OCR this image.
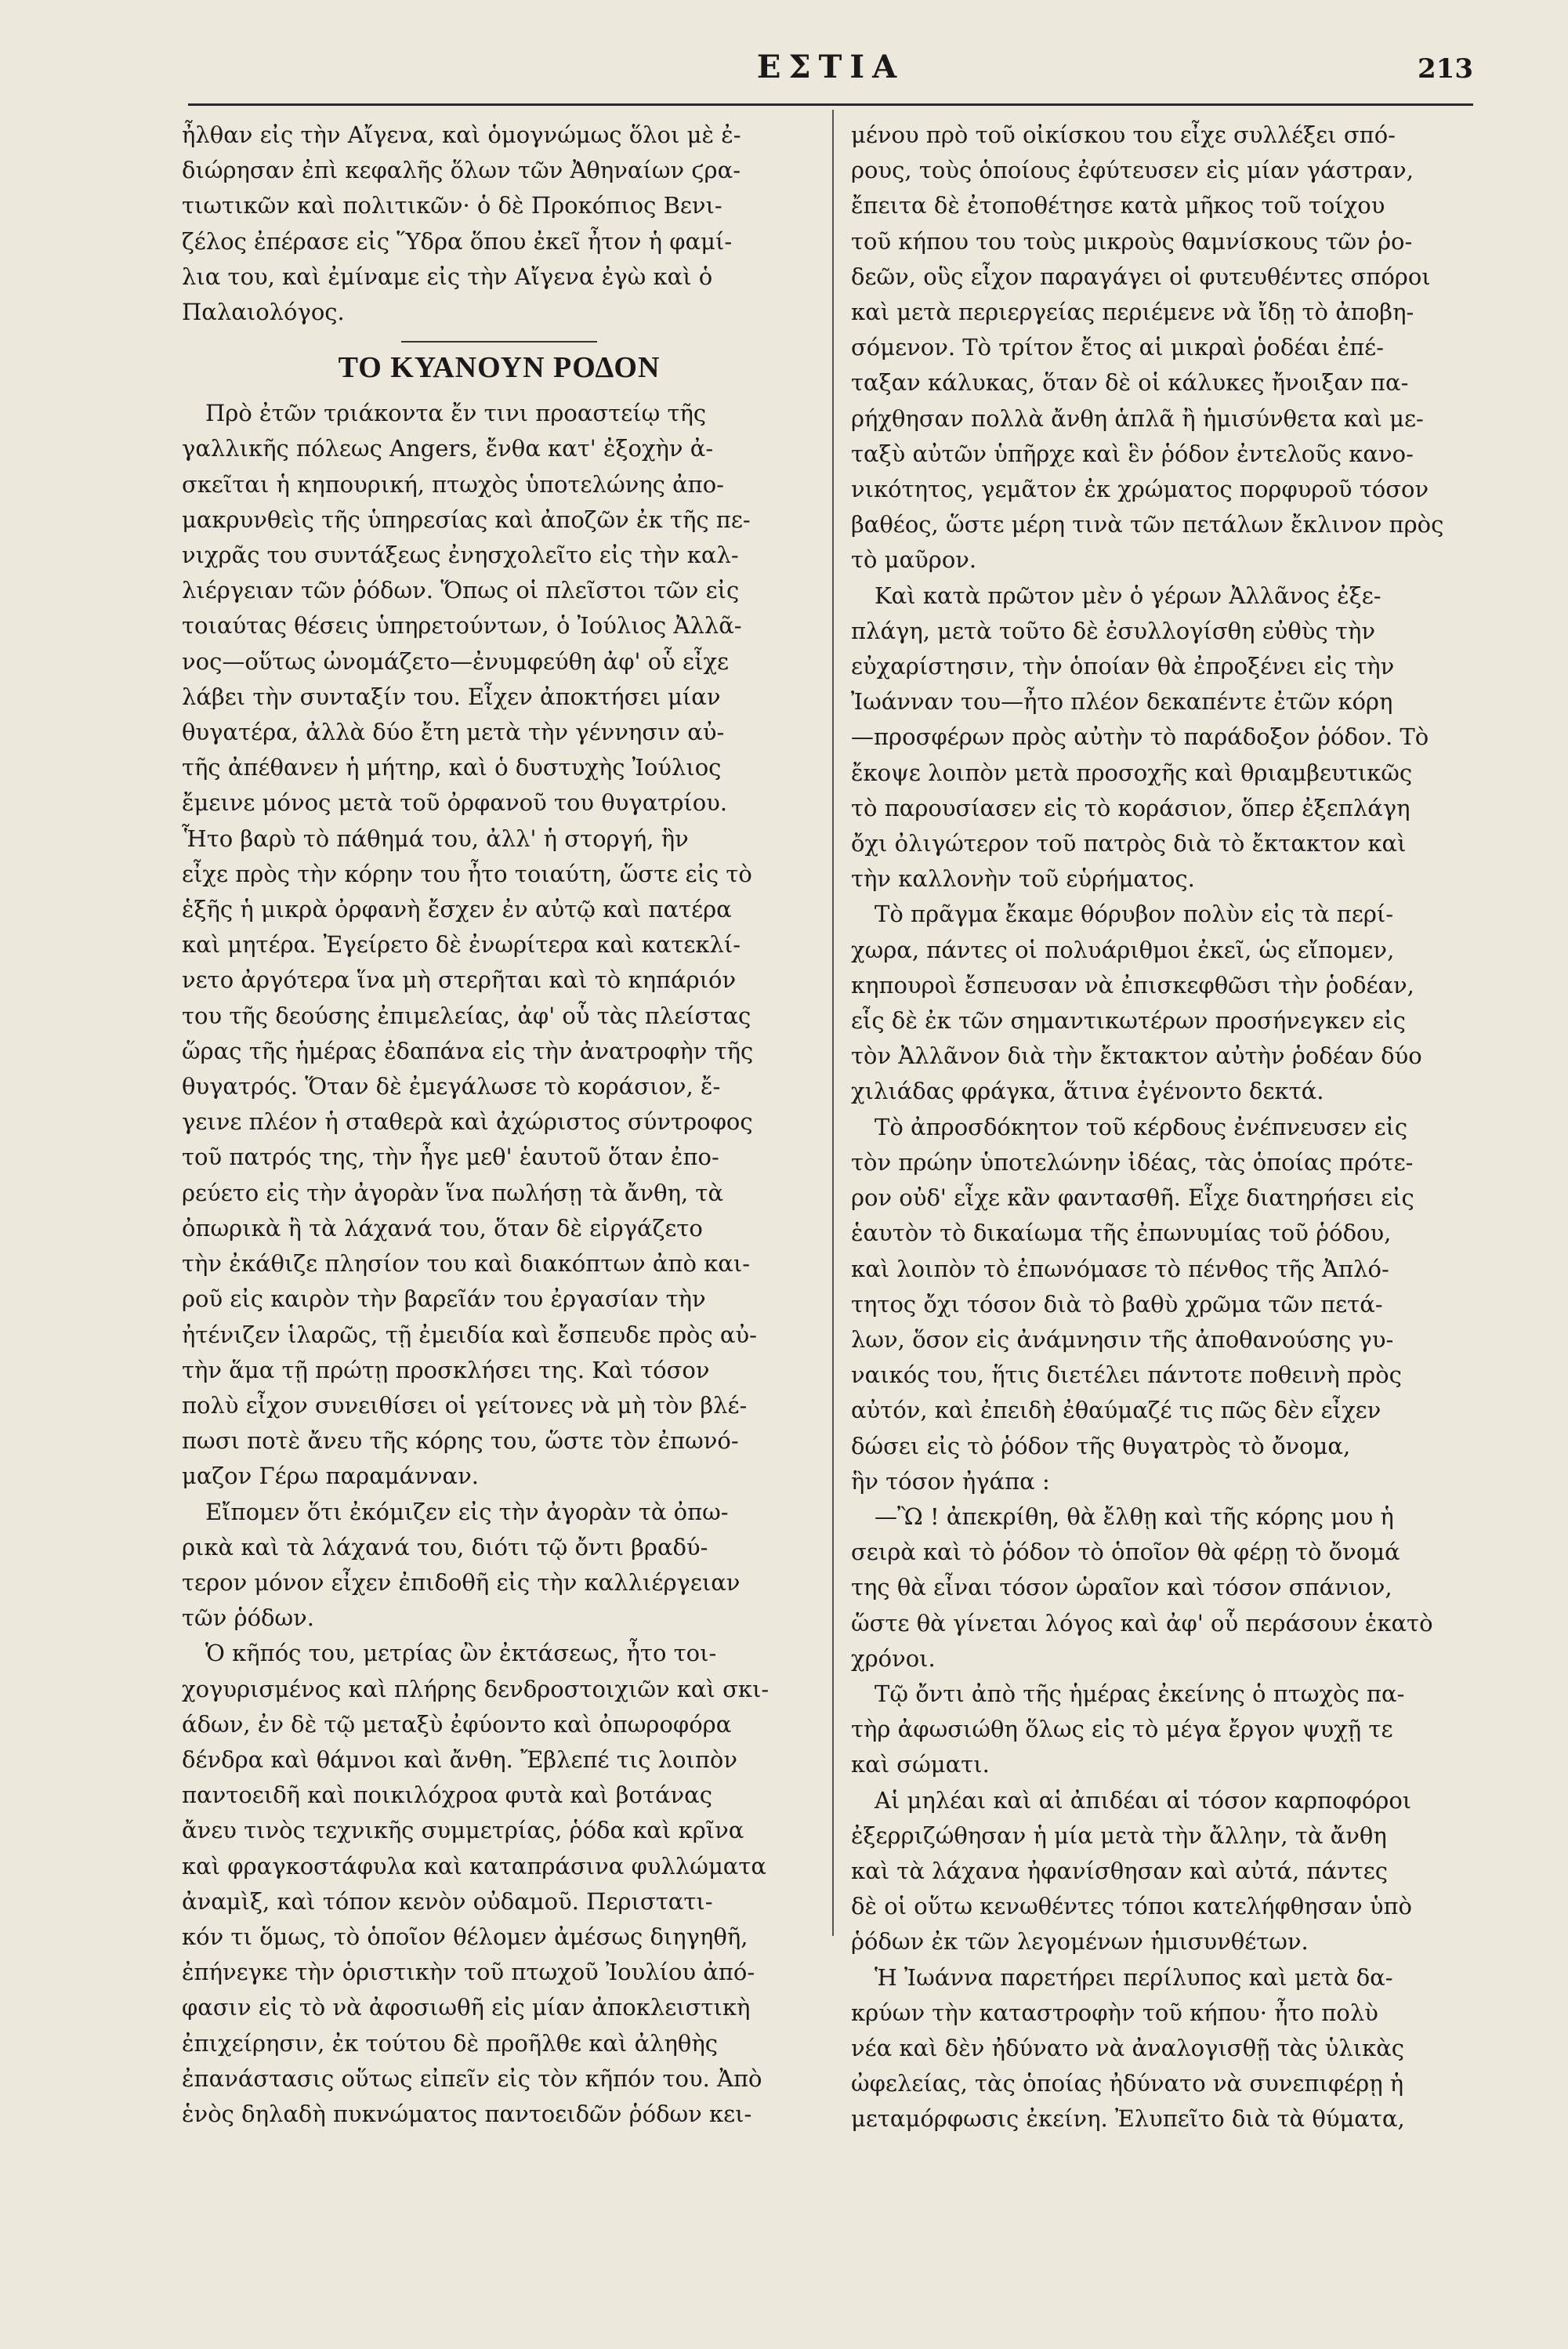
ΕΣΤΙΑ	213

ἦλθαν εἰς τὴν Αἴγενα, καὶ ὁμογνώμως ὅλοι μὲ ἐ-
διώρησαν ἐπὶ κεφαλῆς ὅλων τῶν Ἀθηναίων ϛρα-
τιωτικῶν καὶ πολιτικῶν· ὁ δὲ Προκόπιος Βενι-
ζέλος ἐπέρασε εἰς Ὕδρα ὅπου ἐκεῖ ἦτον ἡ φαμί-
λια του, καὶ ἐμίναμε εἰς τὴν Αἴγενα ἐγὼ καὶ ὁ
Παλαιολόγος.

ΤΟ ΚΥΑΝΟΥΝ ΡΟΔΟΝ

Πρὸ ἐτῶν τριάκοντα ἔν τινι προαστείῳ τῆς
γαλλικῆς πόλεως Angers, ἔνθα κατ' ἐξοχὴν ἀ-
σκεῖται ἡ κηπουρική, πτωχὸς ὑποτελώνης ἀπο-
μακρυνθεὶς τῆς ὑπηρεσίας καὶ ἀποζῶν ἐκ τῆς πε-
νιχρᾶς του συντάξεως ἐνησχολεῖτο εἰς τὴν καλ-
λιέργειαν τῶν ῥόδων. Ὅπως οἱ πλεῖστοι τῶν εἰς
τοιαύτας θέσεις ὑπηρετούντων, ὁ Ἰούλιος Ἀλλᾶ-
νος—οὕτως ὠνομάζετο—ἐνυμφεύθη ἀφ' οὗ εἶχε
λάβει τὴν συνταξίν του. Εἶχεν ἀποκτήσει μίαν
θυγατέρα, ἀλλὰ δύο ἔτη μετὰ τὴν γέννησιν αὐ-
τῆς ἀπέθανεν ἡ μήτηρ, καὶ ὁ δυστυχὴς Ἰούλιος
ἔμεινε μόνος μετὰ τοῦ ὀρφανοῦ του θυγατρίου.
Ἧτο βαρὺ τὸ πάθημά του, ἀλλ' ἡ στοργή, ἣν
εἶχε πρὸς τὴν κόρην του ἦτο τοιαύτη, ὥστε εἰς τὸ
ἑξῆς ἡ μικρὰ ὀρφανὴ ἔσχεν ἐν αὐτῷ καὶ πατέρα
καὶ μητέρα. Ἐγείρετο δὲ ἐνωρίτερα καὶ κατεκλί-
νετο ἀργότερα ἵνα μὴ στερῆται καὶ τὸ κηπάριόν
του τῆς δεούσης ἐπιμελείας, ἀφ' οὗ τὰς πλείστας
ὥρας τῆς ἡμέρας ἐδαπάνα εἰς τὴν ἀνατροφὴν τῆς
θυγατρός. Ὅταν δὲ ἐμεγάλωσε τὸ κοράσιον, ἔ-
γεινε πλέον ἡ σταθερὰ καὶ ἀχώριστος σύντροφος
τοῦ πατρός της, τὴν ἦγε μεθ' ἑαυτοῦ ὅταν ἐπο-
ρεύετο εἰς τὴν ἀγορὰν ἵνα πωλήσῃ τὰ ἄνθη, τὰ
ὀπωρικὰ ἢ τὰ λάχανά του, ὅταν δὲ εἰργάζετο
τὴν ἐκάθιζε πλησίον του καὶ διακόπτων ἀπὸ και-
ροῦ εἰς καιρὸν τὴν βαρεῖάν του ἐργασίαν τὴν
ἠτένιζεν ἱλαρῶς, τῇ ἐμειδία καὶ ἔσπευδε πρὸς αὐ-
τὴν ἅμα τῇ πρώτῃ προσκλήσει της. Καὶ τόσον
πολὺ εἶχον συνειθίσει οἱ γείτονες νὰ μὴ τὸν βλέ-
πωσι ποτὲ ἄνευ τῆς κόρης του, ὥστε τὸν ἐπωνό-
μαζον Γέρω παραμάνναν.

Εἴπομεν ὅτι ἐκόμιζεν εἰς τὴν ἀγορὰν τὰ ὀπω-
ρικὰ καὶ τὰ λάχανά του, διότι τῷ ὄντι βραδύ-
τερον μόνον εἶχεν ἐπιδοθῆ εἰς τὴν καλλιέργειαν
τῶν ῥόδων.

Ὁ κῆπός του, μετρίας ὢν ἐκτάσεως, ἦτο τοι-
χογυρισμένος καὶ πλήρης δενδροστοιχιῶν καὶ σκι-
άδων, ἐν δὲ τῷ μεταξὺ ἐφύοντο καὶ ὀπωροφόρα
δένδρα καὶ θάμνοι καὶ ἄνθη. Ἔβλεπέ τις λοιπὸν
παντοειδῆ καὶ ποικιλόχροα φυτὰ καὶ βοτάνας
ἄνευ τινὸς τεχνικῆς συμμετρίας, ῥόδα καὶ κρῖνα
καὶ φραγκοστάφυλα καὶ καταπράσινα φυλλώματα
ἀναμὶξ, καὶ τόπον κενὸν οὐδαμοῦ. Περιστατι-
κόν τι ὅμως, τὸ ὁποῖον θέλομεν ἀμέσως διηγηθῆ,
ἐπήνεγκε τὴν ὁριστικὴν τοῦ πτωχοῦ Ἰουλίου ἀπό-
φασιν εἰς τὸ νὰ ἀφοσιωθῆ εἰς μίαν ἀποκλειστικὴ
ἐπιχείρησιν, ἐκ τούτου δὲ προῆλθε καὶ ἀληθὴς
ἐπανάστασις οὕτως εἰπεῖν εἰς τὸν κῆπόν του. Ἀπὸ
ἑνὸς δηλαδὴ πυκνώματος παντοειδῶν ῥόδων κει-

μένου πρὸ τοῦ οἰκίσκου του εἶχε συλλέξει σπό-
ρους, τοὺς ὁποίους ἐφύτευσεν εἰς μίαν γάστραν,
ἔπειτα δὲ ἐτοποθέτησε κατὰ μῆκος τοῦ τοίχου
τοῦ κήπου του τοὺς μικροὺς θαμνίσκους τῶν ῥο-
δεῶν, οὓς εἶχον παραγάγει οἱ φυτευθέντες σπόροι
καὶ μετὰ περιεργείας περιέμενε νὰ ἴδῃ τὸ ἀποβη-
σόμενον. Τὸ τρίτον ἔτος αἱ μικραὶ ῥοδέαι ἐπέ-
ταξαν κάλυκας, ὅταν δὲ οἱ κάλυκες ἤνοιξαν πα-
ρήχθησαν πολλὰ ἄνθη ἁπλᾶ ἢ ἡμισύνθετα καὶ με-
ταξὺ αὐτῶν ὑπῆρχε καὶ ἓν ῥόδον ἐντελοῦς κανο-
νικότητος, γεμᾶτον ἐκ χρώματος πορφυροῦ τόσον
βαθέος, ὥστε μέρη τινὰ τῶν πετάλων ἔκλινον πρὸς
τὸ μαῦρον.

Καὶ κατὰ πρῶτον μὲν ὁ γέρων Ἀλλᾶνος ἐξε-
πλάγη, μετὰ τοῦτο δὲ ἐσυλλογίσθη εὐθὺς τὴν
εὐχαρίστησιν, τὴν ὁποίαν θὰ ἐπροξένει εἰς τὴν
Ἰωάνναν του—ἦτο πλέον δεκαπέντε ἐτῶν κόρη
—προσφέρων πρὸς αὐτὴν τὸ παράδοξον ῥόδον. Τὸ
ἔκοψε λοιπὸν μετὰ προσοχῆς καὶ θριαμβευτικῶς
τὸ παρουσίασεν εἰς τὸ κοράσιον, ὅπερ ἐξεπλάγη
ὄχι ὀλιγώτερον τοῦ πατρὸς διὰ τὸ ἔκτακτον καὶ
τὴν καλλονὴν τοῦ εὑρήματος.

Τὸ πρᾶγμα ἔκαμε θόρυβον πολὺν εἰς τὰ περί-
χωρα, πάντες οἱ πολυάριθμοι ἐκεῖ, ὡς εἴπομεν,
κηπουροὶ ἔσπευσαν νὰ ἐπισκεφθῶσι τὴν ῥοδέαν,
εἷς δὲ ἐκ τῶν σημαντικωτέρων προσήνεγκεν εἰς
τὸν Ἀλλᾶνον διὰ τὴν ἔκτακτον αὐτὴν ῥοδέαν δύο
χιλιάδας φράγκα, ἅτινα ἐγένοντο δεκτά.

Τὸ ἀπροσδόκητον τοῦ κέρδους ἐνέπνευσεν εἰς
τὸν πρώην ὑποτελώνην ἰδέας, τὰς ὁποίας πρότε-
ρον οὐδ' εἶχε κἂν φαντασθῆ. Εἶχε διατηρήσει εἰς
ἑαυτὸν τὸ δικαίωμα τῆς ἐπωνυμίας τοῦ ῥόδου,
καὶ λοιπὸν τὸ ἐπωνόμασε τὸ πένθος τῆς Ἀπλό-
τητος ὄχι τόσον διὰ τὸ βαθὺ χρῶμα τῶν πετά-
λων, ὅσον εἰς ἀνάμνησιν τῆς ἀποθανούσης γυ-
ναικός του, ἥτις διετέλει πάντοτε ποθεινὴ πρὸς
αὐτόν, καὶ ἐπειδὴ ἐθαύμαζέ τις πῶς δὲν εἶχεν
δώσει εἰς τὸ ῥόδον τῆς θυγατρὸς τὸ ὄνομα,
ἣν τόσον ἠγάπα :

—Ὢ ! ἀπεκρίθη, θὰ ἔλθῃ καὶ τῆς κόρης μου ἡ
σειρὰ καὶ τὸ ῥόδον τὸ ὁποῖον θὰ φέρῃ τὸ ὄνομά
της θὰ εἶναι τόσον ὡραῖον καὶ τόσον σπάνιον,
ὥστε θὰ γίνεται λόγος καὶ ἀφ' οὗ περάσουν ἑκατὸ
χρόνοι.

Τῷ ὄντι ἀπὸ τῆς ἡμέρας ἐκείνης ὁ πτωχὸς πα-
τὴρ ἀφωσιώθη ὅλως εἰς τὸ μέγα ἔργον ψυχῇ τε
καὶ σώματι.

Αἱ μηλέαι καὶ αἱ ἀπιδέαι αἱ τόσον καρποφόροι
ἐξερριζώθησαν ἡ μία μετὰ τὴν ἄλλην, τὰ ἄνθη
καὶ τὰ λάχανα ἠφανίσθησαν καὶ αὐτά, πάντες
δὲ οἱ οὕτω κενωθέντες τόποι κατελήφθησαν ὑπὸ
ῥόδων ἐκ τῶν λεγομένων ἡμισυνθέτων.

Ἡ Ἰωάννα παρετήρει περίλυπος καὶ μετὰ δα-
κρύων τὴν καταστροφὴν τοῦ κήπου· ἦτο πολὺ
νέα καὶ δὲν ἠδύνατο νὰ ἀναλογισθῇ τὰς ὑλικὰς
ὠφελείας, τὰς ὁποίας ἠδύνατο νὰ συνεπιφέρῃ ἡ
μεταμόρφωσις ἐκείνη. Ἐλυπεῖτο διὰ τὰ θύματα,
